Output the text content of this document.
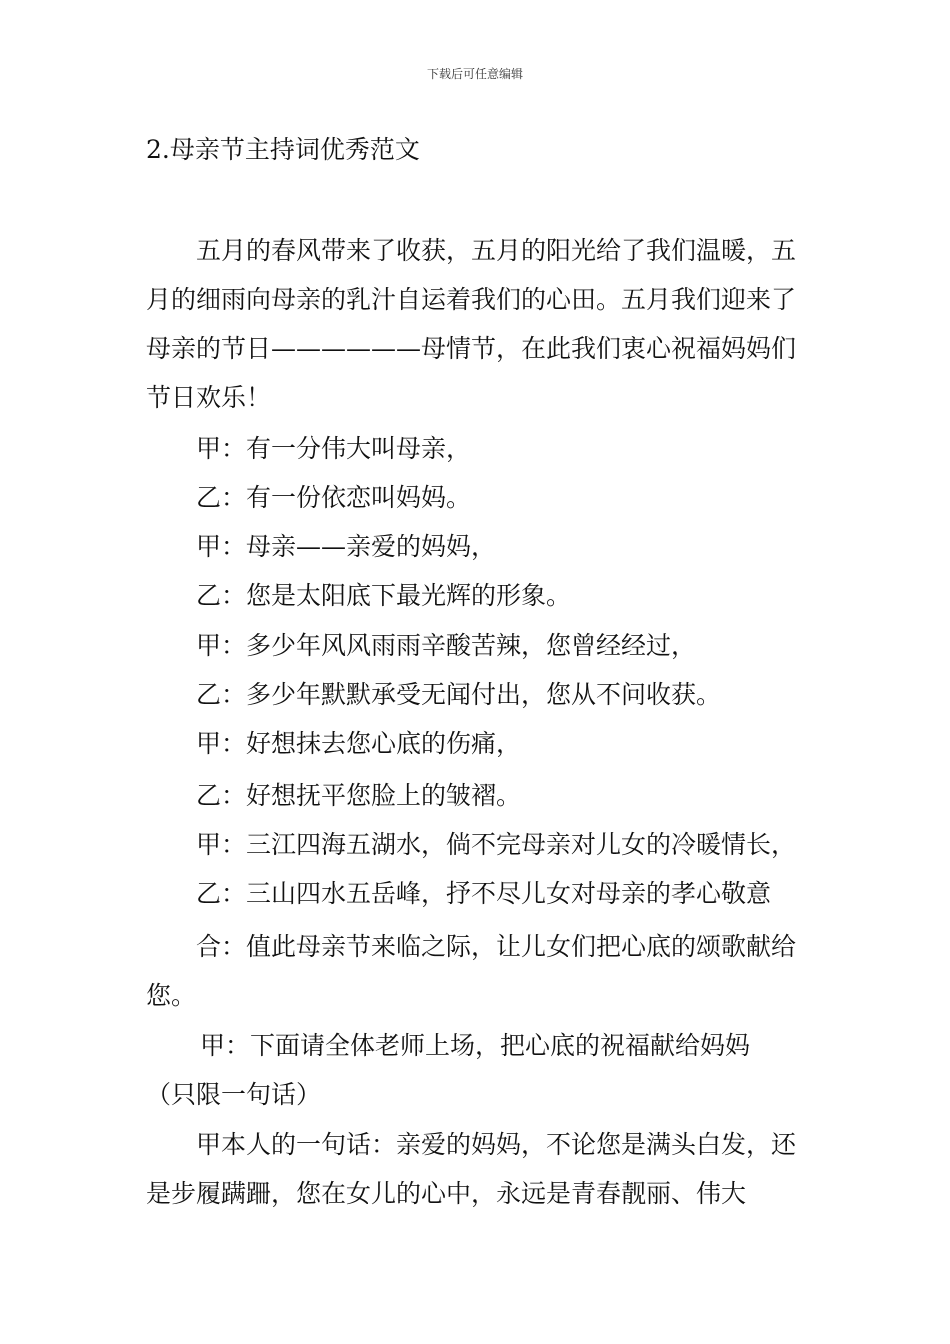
下载后可任意编辑
2.母亲节主持词优秀范文

五月的春风带来了收获，五月的阳光给了我们温暖，五月的细雨向母亲的乳汁自运着我们的心田。五月我们迎来了母亲的节日——————母情节，在此我们衷心祝福妈妈们节日欢乐！

甲：有一分伟大叫母亲，
乙：有一份依恋叫妈妈。
甲：母亲——亲爱的妈妈，
乙：您是太阳底下最光辉的形象。
甲：多少年风风雨雨辛酸苦辣，您曾经经过，
乙：多少年默默承受无闻付出，您从不问收获。
甲：好想抹去您心底的伤痛，
乙：好想抚平您脸上的皱褶。
甲：三江四海五湖水，倘不完母亲对儿女的冷暖情长，
乙：三山四水五岳峰，抒不尽儿女对母亲的孝心敬意

合：值此母亲节来临之际，让儿女们把心底的颂歌献给您。

甲：下面请全体老师上场，把心底的祝福献给妈妈
（只限一句话）

甲本人的一句话：亲爱的妈妈，不论您是满头白发，还是步履蹒跚，您在女儿的心中，永远是青春靓丽、伟大
